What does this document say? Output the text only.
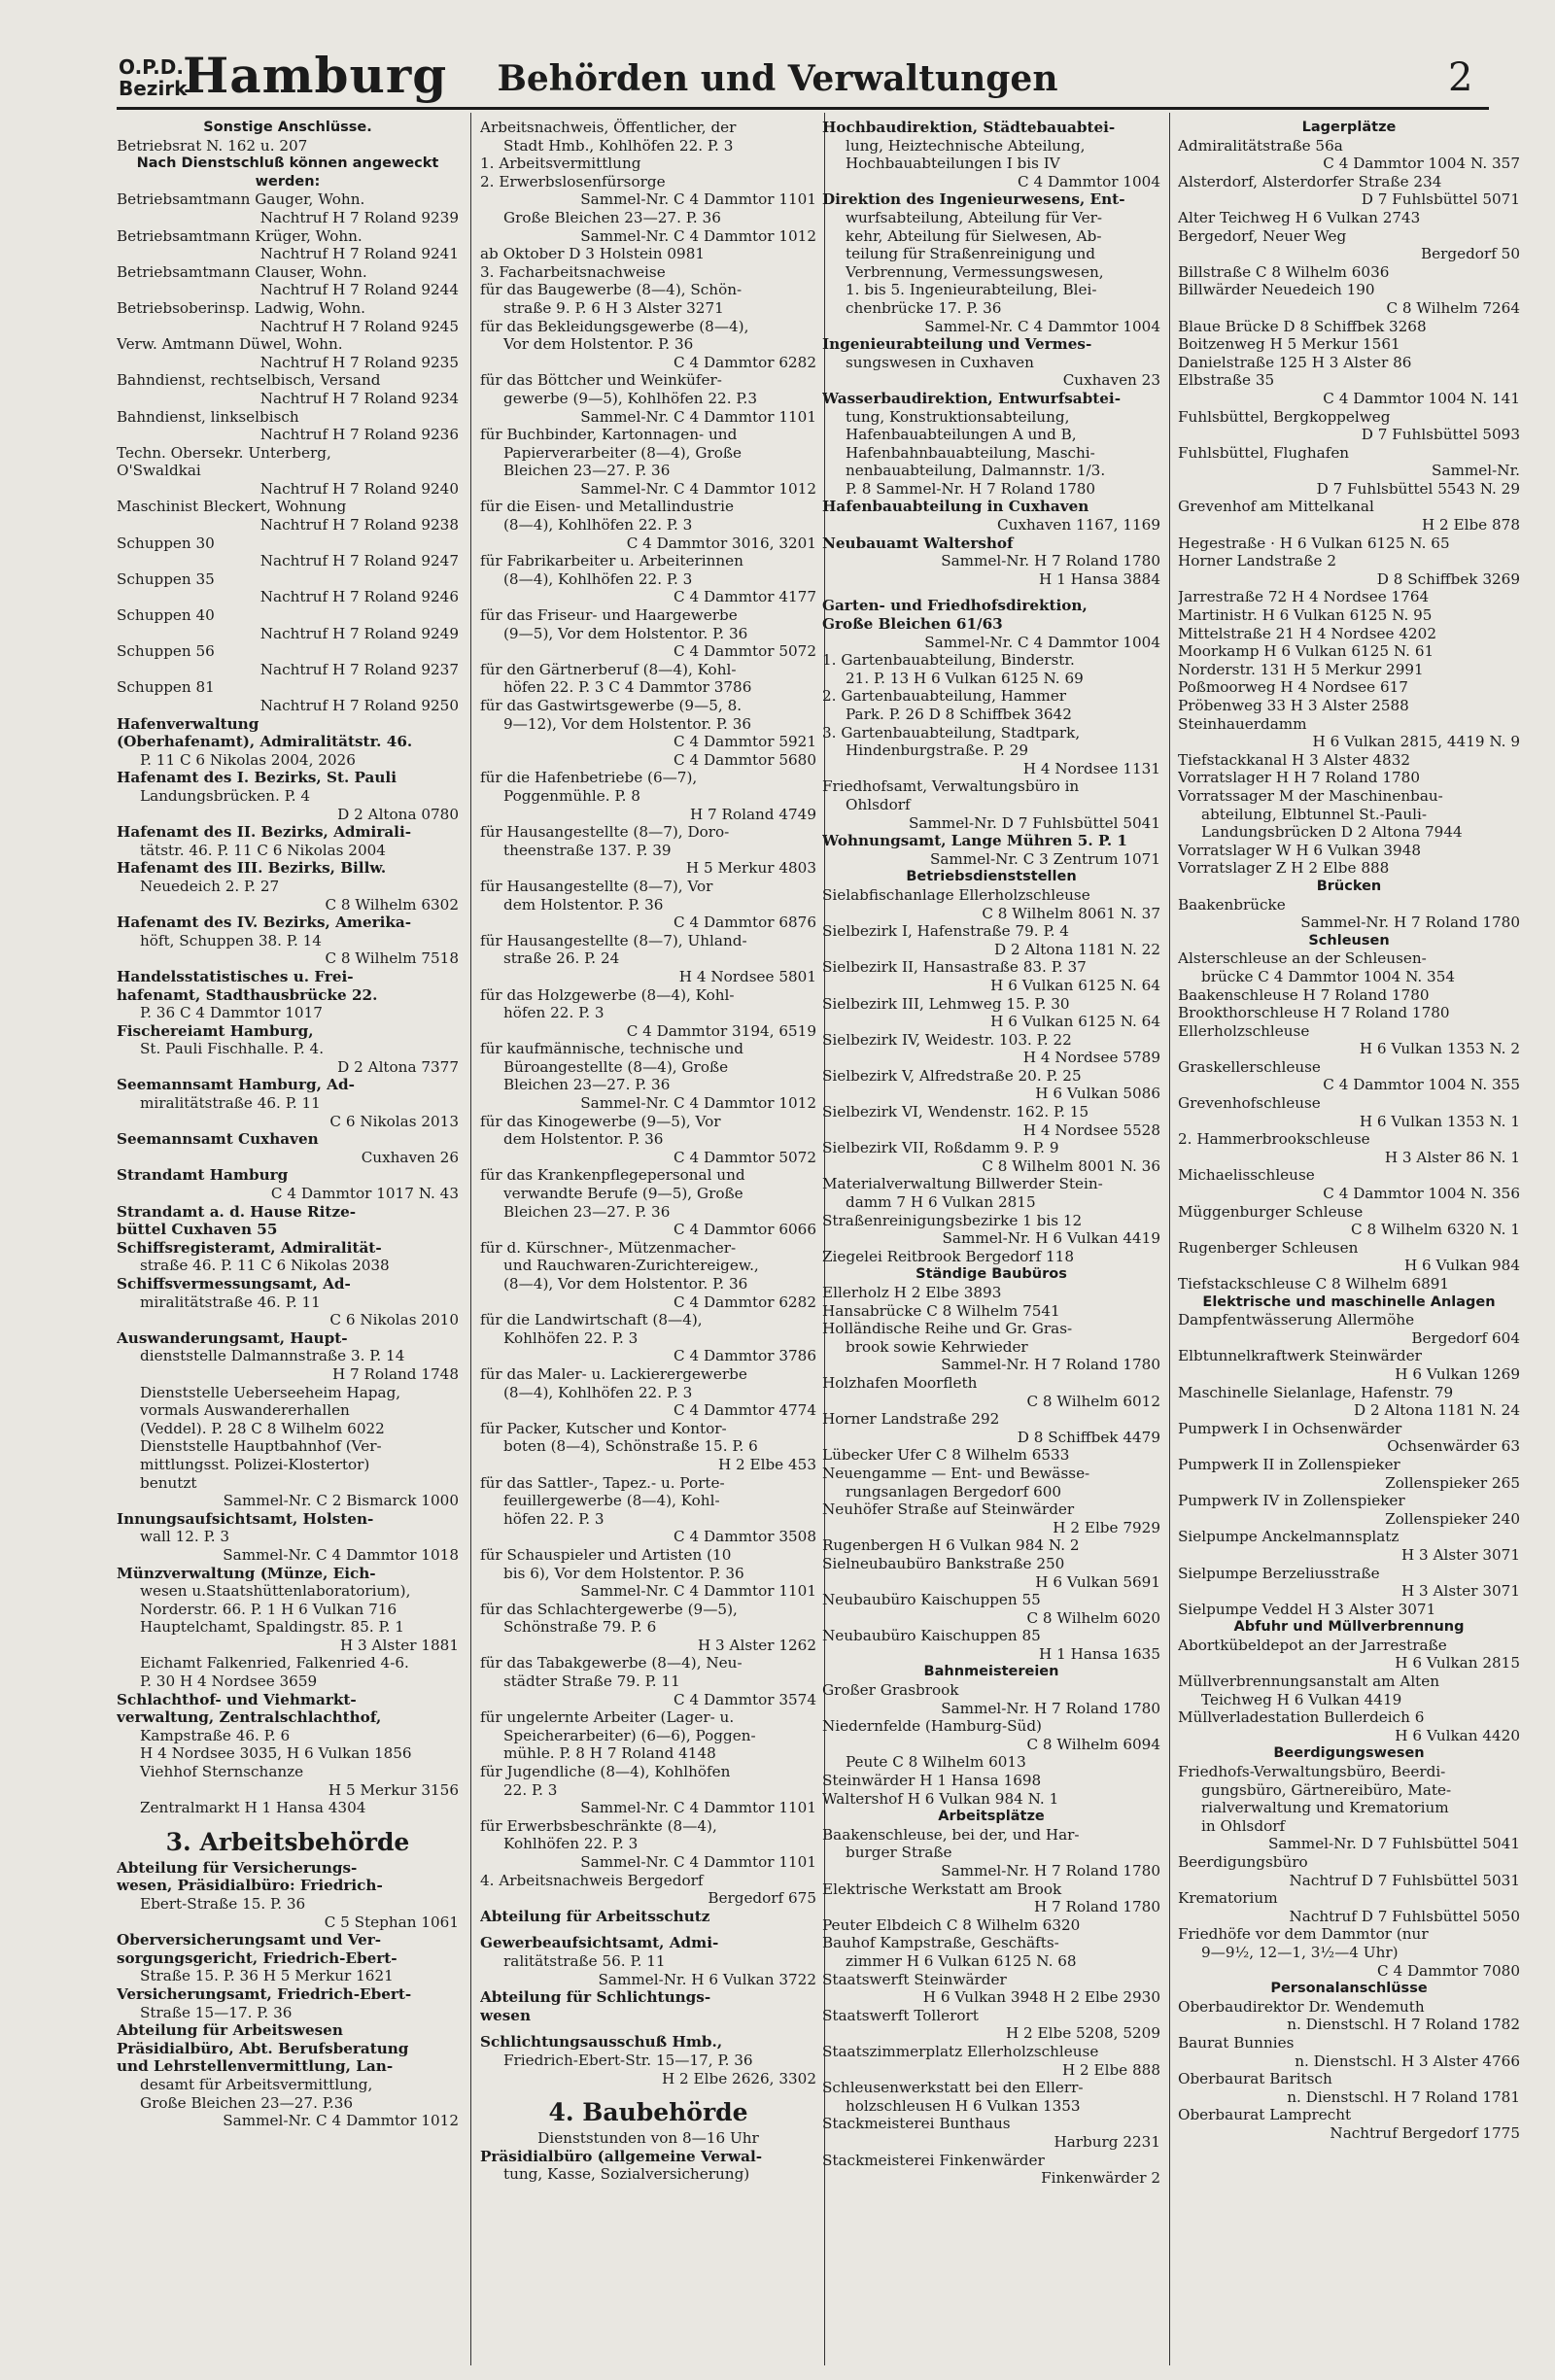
O.P.D. Bezirk
Hamburg	Behörden und Verwaltungen	2
Sonstige Anschlüsse.
Betriebsrat N. 162 u. 207
Nach Dienstschluß können angeweckt
werden:
Betriebsamtmann Gauger, Wohn.
Nachtruf H 7 Roland 9239
Betriebsamtmann Krüger, Wohn.
Nachtruf H 7 Roland 9241
Betriebsamtmann Clauser, Wohn.
Nachtruf H 7 Roland 9244
Betriebsoberinsp. Ladwig, Wohn.
Nachtruf H 7 Roland 9245
Verw. Amtmann Düwel, Wohn.
Nachtruf H 7 Roland 9235
Bahndienst, rechtselbisch, Versand
Nachtruf H 7 Roland 9234
Bahndienst, linkselbisch
Nachtruf H 7 Roland 9236
Techn. Obersekr. Unterberg,
O'Swaldkai
Nachtruf H 7 Roland 9240
Maschinist Bleckert, Wohnung
Nachtruf H 7 Roland 9238
Schuppen 30
Nachtruf H 7 Roland 9247
Schuppen 35
Nachtruf H 7 Roland 9246
Schuppen 40
Nachtruf H 7 Roland 9249
Schuppen 56
Nachtruf H 7 Roland 9237
Schuppen 81
Nachtruf H 7 Roland 9250
Hafenverwaltung
(Oberhafenamt), Admiralitätstr. 46.
P. 11 C 6 Nikolas 2004, 2026
Hafenamt des I. Bezirks, St. Pauli
Landungsbrücken. P. 4
D 2 Altona 0780
Hafenamt des II. Bezirks, Admirali-
tätstr. 46. P. 11 C 6 Nikolas 2004
Hafenamt des III. Bezirks, Billw.
Neuedeich 2. P. 27
C 8 Wilhelm 6302
Hafenamt des IV. Bezirks, Amerika-
höft, Schuppen 38. P. 14
C 8 Wilhelm 7518
Handelsstatistisches u. Frei-
hafenamt, Stadthausbrücke 22.
P. 36 C 4 Dammtor 1017
Fischereiamt Hamburg,
St. Pauli Fischhalle. P. 4.
D 2 Altona 7377
Seemannsamt Hamburg, Ad-
miralitätstraße 46. P. 11
C 6 Nikolas 2013
Seemannsamt Cuxhaven
Cuxhaven 26
Strandamt Hamburg
C 4 Dammtor 1017 N. 43
Strandamt a. d. Hause Ritze-
büttel Cuxhaven 55
Schiffsregisteramt, Admiralität-
straße 46. P. 11 C 6 Nikolas 2038
Schiffsvermessungsamt, Ad-
miralitätstraße 46. P. 11
C 6 Nikolas 2010
Auswanderungsamt, Haupt-
dienststelle Dalmannstraße 3. P. 14
H 7 Roland 1748
Dienststelle Ueberseeheim Hapag,
vormals Auswandererhallen
(Veddel). P. 28 C 8 Wilhelm 6022
Dienststelle Hauptbahnhof (Ver-
mittlungsst. Polizei-Klostertor)
benutzt
Sammel-Nr. C 2 Bismarck 1000
Innungsaufsichtsamt, Holsten-
wall 12. P. 3
Sammel-Nr. C 4 Dammtor 1018
Münzverwaltung (Münze, Eich-
wesen u.Staatshüttenlaboratorium),
Norderstr. 66. P. 1 H 6 Vulkan 716
Hauptelchamt, Spaldingstr. 85. P. 1
H 3 Alster 1881
Eichamt Falkenried, Falkenried 4-6.
P. 30 H 4 Nordsee 3659
Schlachthof- und Viehmarkt-
verwaltung, Zentralschlachthof,
Kampstraße 46. P. 6
H 4 Nordsee 3035, H 6 Vulkan 1856
Viehhof Sternschanze
H 5 Merkur 3156
Zentralmarkt H 1 Hansa 4304
3. Arbeitsbehörde
Abteilung für Versicherungs-
wesen, Präsidialbüro: Friedrich-
Ebert-Straße 15. P. 36
C 5 Stephan 1061
Oberversicherungsamt und Ver-
sorgungsgericht, Friedrich-Ebert-
Straße 15. P. 36 H 5 Merkur 1621
Versicherungsamt, Friedrich-Ebert-
Straße 15—17. P. 36
Abteilung für Arbeitswesen
Präsidialbüro, Abt. Berufsberatung
und Lehrstellenvermittlung, Lan-
desamt für Arbeitsvermittlung,
Große Bleichen 23—27. P.36
Sammel-Nr. C 4 Dammtor 1012
Arbeitsnachweis, Öffentlicher, der
Stadt Hmb., Kohlhöfen 22. P. 3
1. Arbeitsvermittlung
2. Erwerbslosenfürsorge
Sammel-Nr. C 4 Dammtor 1101
Große Bleichen 23—27. P. 36
Sammel-Nr. C 4 Dammtor 1012
ab Oktober D 3 Holstein 0981
3. Facharbeitsnachweise
für das Baugewerbe (8—4), Schön-
straße 9. P. 6 H 3 Alster 3271
für das Bekleidungsgewerbe (8—4),
Vor dem Holstentor. P. 36
C 4 Dammtor 6282
für das Böttcher und Weinküfer-
gewerbe (9—5), Kohlhöfen 22. P.3
Sammel-Nr. C 4 Dammtor 1101
für Buchbinder, Kartonnagen- und
Papierverarbeiter (8—4), Große
Bleichen 23—27. P. 36
Sammel-Nr. C 4 Dammtor 1012
für die Eisen- und Metallindustrie
(8—4), Kohlhöfen 22. P. 3
C 4 Dammtor 3016, 3201
für Fabrikarbeiter u. Arbeiterinnen
(8—4), Kohlhöfen 22. P. 3
C 4 Dammtor 4177
für das Friseur- und Haargewerbe
(9—5), Vor dem Holstentor. P. 36
C 4 Dammtor 5072
für den Gärtnerberuf (8—4), Kohl-
höfen 22. P. 3 C 4 Dammtor 3786
für das Gastwirtsgewerbe (9—5, 8.
9—12), Vor dem Holstentor. P. 36
C 4 Dammtor 5921
C 4 Dammtor 5680
für die Hafenbetriebe (6—7),
Poggenmühle. P. 8
H 7 Roland 4749
für Hausangestellte (8—7), Doro-
theenstraße 137. P. 39
H 5 Merkur 4803
für Hausangestellte (8—7), Vor
dem Holstentor. P. 36
C 4 Dammtor 6876
für Hausangestellte (8—7), Uhland-
straße 26. P. 24
H 4 Nordsee 5801
für das Holzgewerbe (8—4), Kohl-
höfen 22. P. 3
C 4 Dammtor 3194, 6519
für kaufmännische, technische und
Büroangestellte (8—4), Große
Bleichen 23—27. P. 36
Sammel-Nr. C 4 Dammtor 1012
für das Kinogewerbe (9—5), Vor
dem Holstentor. P. 36
C 4 Dammtor 5072
für das Krankenpflegepersonal und
verwandte Berufe (9—5), Große
Bleichen 23—27. P. 36
C 4 Dammtor 6066
für d. Kürschner-, Mützenmacher-
und Rauchwaren-Zurichtereigew.,
(8—4), Vor dem Holstentor. P. 36
C 4 Dammtor 6282
für die Landwirtschaft (8—4),
Kohlhöfen 22. P. 3
C 4 Dammtor 3786
für das Maler- u. Lackierergewerbe
(8—4), Kohlhöfen 22. P. 3
C 4 Dammtor 4774
für Packer, Kutscher und Kontor-
boten (8—4), Schönstraße 15. P. 6
H 2 Elbe 453
für das Sattler-, Tapez.- u. Porte-
feuillergewerbe (8—4), Kohl-
höfen 22. P. 3
C 4 Dammtor 3508
für Schauspieler und Artisten (10
bis 6), Vor dem Holstentor. P. 36
Sammel-Nr. C 4 Dammtor 1101
für das Schlachtergewerbe (9—5),
Schönstraße 79. P. 6
H 3 Alster 1262
für das Tabakgewerbe (8—4), Neu-
städter Straße 79. P. 11
C 4 Dammtor 3574
für ungelernte Arbeiter (Lager- u.
Speicherarbeiter) (6—6), Poggen-
mühle. P. 8 H 7 Roland 4148
für Jugendliche (8—4), Kohlhöfen
22. P. 3
Sammel-Nr. C 4 Dammtor 1101
für Erwerbsbeschränkte (8—4),
Kohlhöfen 22. P. 3
Sammel-Nr. C 4 Dammtor 1101
4. Arbeitsnachweis Bergedorf
Bergedorf 675
Abteilung für Arbeitsschutz
Gewerbeaufsichtsamt, Admi-
ralitätstraße 56. P. 11
Sammel-Nr. H 6 Vulkan 3722
Abteilung für Schlichtungs-
wesen
Schlichtungsausschuß Hmb.,
Friedrich-Ebert-Str. 15—17, P. 36
H 2 Elbe 2626, 3302
4. Baubehörde
Dienststunden von 8—16 Uhr
Präsidialbüro (allgemeine Verwal-
tung, Kasse, Sozialversicherung)
Hochbaudirektion, Städtebauabtei-
lung, Heiztechnische Abteilung,
Hochbauabteilungen I bis IV
C 4 Dammtor 1004
Direktion des Ingenieurwesens, Ent-
wurfsabteilung, Abteilung für Ver-
kehr, Abteilung für Sielwesen, Ab-
teilung für Straßenreinigung und
Verbrennung, Vermessungswesen,
1. bis 5. Ingenieurabteilung, Blei-
chenbrücke 17. P. 36
Sammel-Nr. C 4 Dammtor 1004
Ingenieurabteilung und Vermes-
sungswesen in Cuxhaven
Cuxhaven 23
Wasserbaudirektion, Entwurfsabtei-
tung, Konstruktionsabteilung,
Hafenbauabteilungen A und B,
Hafenbahnbauabteilung, Maschi-
nenbauabteilung, Dalmannstr. 1/3.
P. 8 Sammel-Nr. H 7 Roland 1780
Hafenbauabteilung in Cuxhaven
Cuxhaven 1167, 1169
Neubauamt Waltershof
Sammel-Nr. H 7 Roland 1780
H 1 Hansa 3884
Garten- und Friedhofsdirektion,
Große Bleichen 61/63
Sammel-Nr. C 4 Dammtor 1004
1. Gartenbauabteilung, Binderstr.
21. P. 13 H 6 Vulkan 6125 N. 69
2. Gartenbauabteilung, Hammer
Park. P. 26 D 8 Schiffbek 3642
3. Gartenbauabteilung, Stadtpark,
Hindenburgstraße. P. 29
H 4 Nordsee 1131
Friedhofsamt, Verwaltungsbüro in
Ohlsdorf
Sammel-Nr. D 7 Fuhlsbüttel 5041
Wohnungsamt, Lange Mühren 5. P. 1
Sammel-Nr. C 3 Zentrum 1071
Betriebsdienststellen
Sielabfischanlage Ellerholzschleuse
C 8 Wilhelm 8061 N. 37
Sielbezirk I, Hafenstraße 79. P. 4
D 2 Altona 1181 N. 22
Sielbezirk II, Hansastraße 83. P. 37
H 6 Vulkan 6125 N. 64
Sielbezirk III, Lehmweg 15. P. 30
H 6 Vulkan 6125 N. 64
Sielbezirk IV, Weidestr. 103. P. 22
H 4 Nordsee 5789
Sielbezirk V, Alfredstraße 20. P. 25
H 6 Vulkan 5086
Sielbezirk VI, Wendenstr. 162. P. 15
H 4 Nordsee 5528
Sielbezirk VII, Roßdamm 9. P. 9
C 8 Wilhelm 8001 N. 36
Materialverwaltung Billwerder Stein-
damm 7 H 6 Vulkan 2815
Straßenreinigungsbezirke 1 bis 12
Sammel-Nr. H 6 Vulkan 4419
Ziegelei Reitbrook Bergedorf 118
Ständige Baubüros
Ellerholz H 2 Elbe 3893
Hansabrücke C 8 Wilhelm 7541
Holländische Reihe und Gr. Gras-
brook sowie Kehrwieder
Sammel-Nr. H 7 Roland 1780
Holzhafen Moorfleth
C 8 Wilhelm 6012
Horner Landstraße 292
D 8 Schiffbek 4479
Lübecker Ufer C 8 Wilhelm 6533
Neuengamme — Ent- und Bewässe-
rungsanlagen Bergedorf 600
Neuhöfer Straße auf Steinwärder
H 2 Elbe 7929
Rugenbergen H 6 Vulkan 984 N. 2
Sielneubaubüro Bankstraße 250
H 6 Vulkan 5691
Neubaubüro Kaischuppen 55
C 8 Wilhelm 6020
Neubaubüro Kaischuppen 85
H 1 Hansa 1635
Bahnmeistereien
Großer Grasbrook
Sammel-Nr. H 7 Roland 1780
Niedernfelde (Hamburg-Süd)
C 8 Wilhelm 6094
Peute C 8 Wilhelm 6013
Steinwärder H 1 Hansa 1698
Waltershof H 6 Vulkan 984 N. 1
Arbeitsplätze
Baakenschleuse, bei der, und Har-
burger Straße
Sammel-Nr. H 7 Roland 1780
Elektrische Werkstatt am Brook
H 7 Roland 1780
Peuter Elbdeich C 8 Wilhelm 6320
Bauhof Kampstraße, Geschäfts-
zimmer H 6 Vulkan 6125 N. 68
Staatswerft Steinwärder
H 6 Vulkan 3948 H 2 Elbe 2930
Staatswerft Tollerort
H 2 Elbe 5208, 5209
Staatszimmerplatz Ellerholzschleuse
H 2 Elbe 888
Schleusenwerkstatt bei den Ellerr-
holzschleusen H 6 Vulkan 1353
Stackmeisterei Bunthaus
Harburg 2231
Stackmeisterei Finkenwärder
Finkenwärder 2
Lagerplätze
Admiralitätstraße 56a
C 4 Dammtor 1004 N. 357
Alsterdorf, Alsterdorfer Straße 234
D 7 Fuhlsbüttel 5071
Alter Teichweg H 6 Vulkan 2743
Bergedorf, Neuer Weg
Bergedorf 50
Billstraße C 8 Wilhelm 6036
Billwärder Neuedeich 190
C 8 Wilhelm 7264
Blaue Brücke D 8 Schiffbek 3268
Boitzenweg H 5 Merkur 1561
Danielstraße 125 H 3 Alster 86
Elbstraße 35
C 4 Dammtor 1004 N. 141
Fuhlsbüttel, Bergkoppelweg
D 7 Fuhlsbüttel 5093
Fuhlsbüttel, Flughafen
Sammel-Nr.
D 7 Fuhlsbüttel 5543 N. 29
Grevenhof am Mittelkanal
H 2 Elbe 878
Hegestraße · H 6 Vulkan 6125 N. 65
Horner Landstraße 2
D 8 Schiffbek 3269
Jarrestraße 72 H 4 Nordsee 1764
Martinistr. H 6 Vulkan 6125 N. 95
Mittelstraße 21 H 4 Nordsee 4202
Moorkamp H 6 Vulkan 6125 N. 61
Norderstr. 131 H 5 Merkur 2991
Poßmoorweg H 4 Nordsee 617
Pröbenweg 33 H 3 Alster 2588
Steinhauerdamm
H 6 Vulkan 2815, 4419 N. 9
Tiefstackkanal H 3 Alster 4832
Vorratslager H H 7 Roland 1780
Vorratssager M der Maschinenbau-
abteilung, Elbtunnel St.-Pauli-
Landungsbrücken D 2 Altona 7944
Vorratslager W H 6 Vulkan 3948
Vorratslager Z H 2 Elbe 888
Brücken
Baakenbrücke
Sammel-Nr. H 7 Roland 1780
Schleusen
Alsterschleuse an der Schleusen-
brücke C 4 Dammtor 1004 N. 354
Baakenschleuse H 7 Roland 1780
Brookthorschleuse H 7 Roland 1780
Ellerholzschleuse
H 6 Vulkan 1353 N. 2
Graskellerschleuse
C 4 Dammtor 1004 N. 355
Grevenhofschleuse
H 6 Vulkan 1353 N. 1
2. Hammerbrookschleuse
H 3 Alster 86 N. 1
Michaelisschleuse
C 4 Dammtor 1004 N. 356
Müggenburger Schleuse
C 8 Wilhelm 6320 N. 1
Rugenberger Schleusen
H 6 Vulkan 984
Tiefstackschleuse C 8 Wilhelm 6891
Elektrische und maschinelle Anlagen
Dampfentwässerung Allermöhe
Bergedorf 604
Elbtunnelkraftwerk Steinwärder
H 6 Vulkan 1269
Maschinelle Sielanlage, Hafenstr. 79
D 2 Altona 1181 N. 24
Pumpwerk I in Ochsenwärder
Ochsenwärder 63
Pumpwerk II in Zollenspieker
Zollenspieker 265
Pumpwerk IV in Zollenspieker
Zollenspieker 240
Sielpumpe Anckelmannsplatz
H 3 Alster 3071
Sielpumpe Berzeliusstraße
H 3 Alster 3071
Sielpumpe Veddel H 3 Alster 3071
Abfuhr und Müllverbrennung
Abortkübeldepot an der Jarrestraße
H 6 Vulkan 2815
Müllverbrennungsanstalt am Alten
Teichweg H 6 Vulkan 4419
Müllverladestation Bullerdeich 6
H 6 Vulkan 4420
Beerdigungswesen
Friedhofs-Verwaltungsbüro, Beerdi-
gungsbüro, Gärtnereibüro, Mate-
rialverwaltung und Krematorium
in Ohlsdorf
Sammel-Nr. D 7 Fuhlsbüttel 5041
Beerdigungsbüro
Nachtruf D 7 Fuhlsbüttel 5031
Krematorium
Nachtruf D 7 Fuhlsbüttel 5050
Friedhöfe vor dem Dammtor (nur
9—9½, 12—1, 3½—4 Uhr)
C 4 Dammtor 7080
Personalanschlüsse
Oberbaudirektor Dr. Wendemuth
n. Dienstschl. H 7 Roland 1782
Baurat Bunnies
n. Dienstschl. H 3 Alster 4766
Oberbaurat Baritsch
n. Dienstschl. H 7 Roland 1781
Oberbaurat Lamprecht
Nachtruf Bergedorf 1775
